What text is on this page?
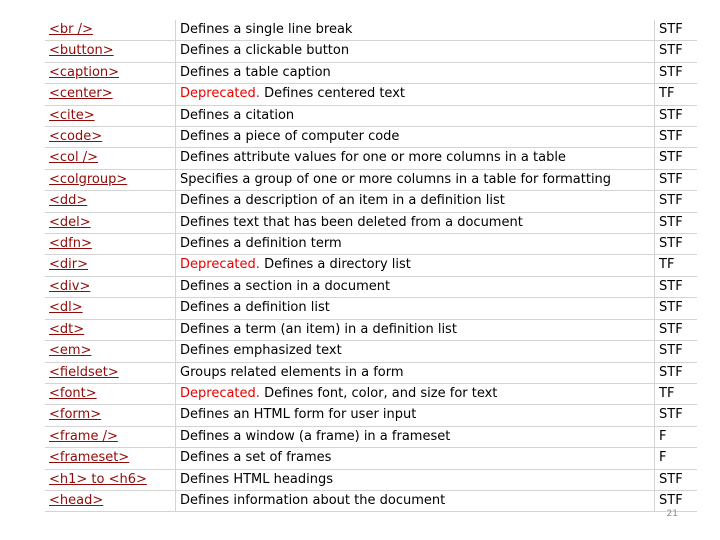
<br />	Defines a single line break	STF
<button>	Defines a clickable button	STF
<caption>	Defines a table caption	STF
<center>	Deprecated. Defines centered text	TF
<cite>	Defines a citation	STF
<code>	Defines a piece of computer code	STF
<col />	Defines attribute values for one or more columns in a table	STF
<colgroup>	Specifies a group of one or more columns in a table for formatting	STF
<dd>	Defines a description of an item in a definition list	STF
<del>	Defines text that has been deleted from a document	STF
<dfn>	Defines a definition term	STF
<dir>	Deprecated. Defines a directory list	TF
<div>	Defines a section in a document	STF
<dl>	Defines a definition list	STF
<dt>	Defines a term (an item) in a definition list	STF
<em>	Defines emphasized text	STF
<fieldset>	Groups related elements in a form	STF
<font>	Deprecated. Defines font, color, and size for text	TF
<form>	Defines an HTML form for user input	STF
<frame />	Defines a window (a frame) in a frameset	F
<frameset>	Defines a set of frames	F
<h1> to <h6>	Defines HTML headings	STF
<head>	Defines information about the document	STF
21
